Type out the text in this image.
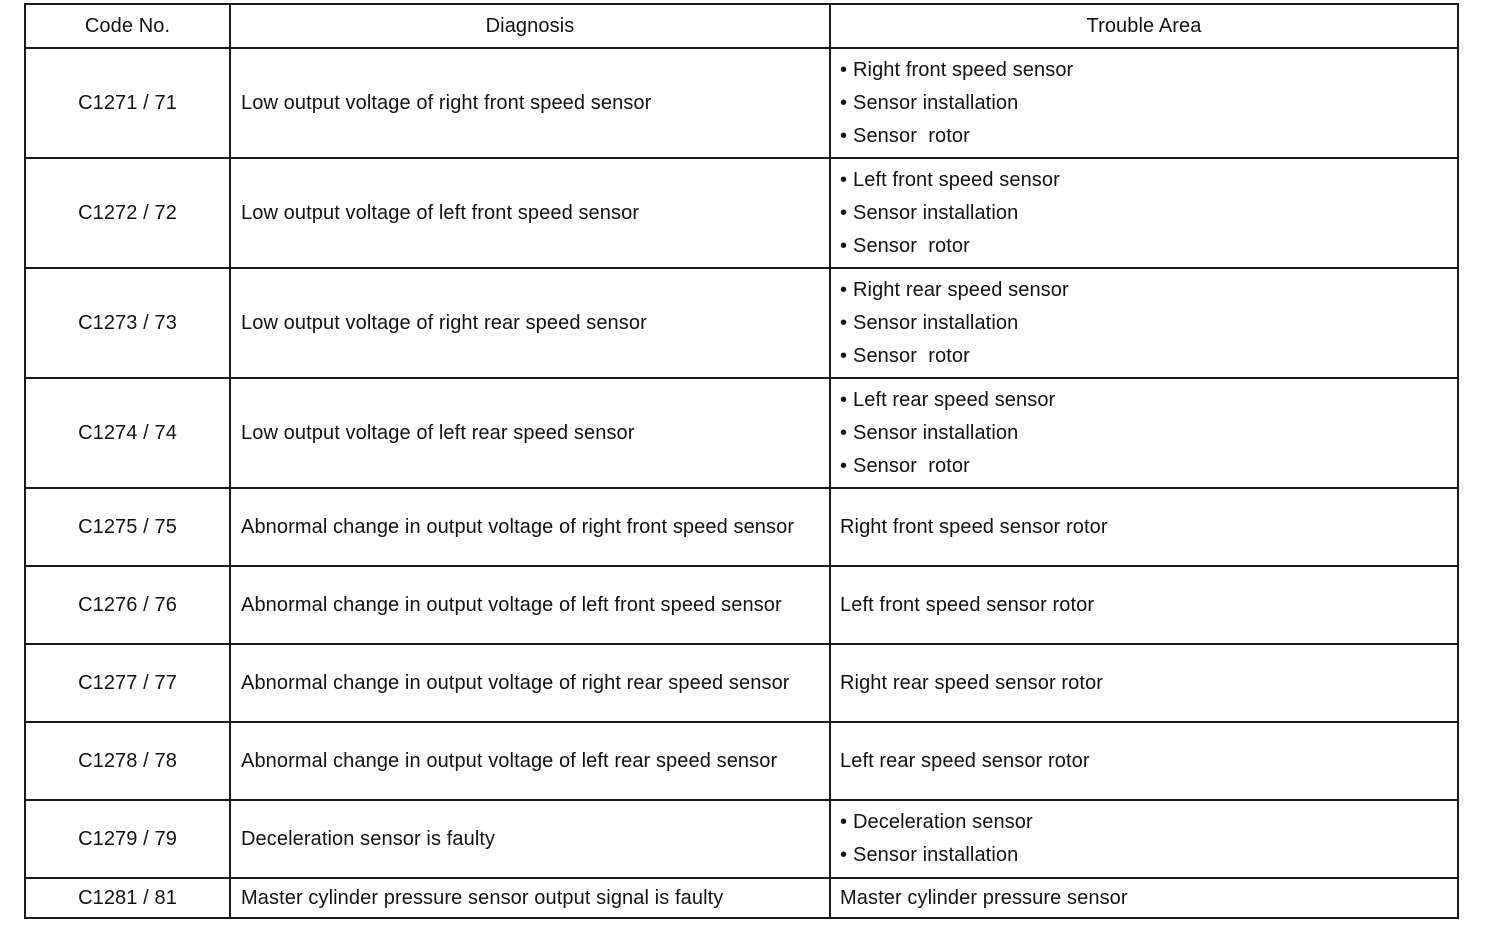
Code No.	Diagnosis	Trouble Area
C1271 / 71	Low output voltage of right front speed sensor	• Right front speed sensor
• Sensor installation
• Sensor  rotor

C1272 / 72	Low output voltage of left front speed sensor	• Left front speed sensor
• Sensor installation
• Sensor  rotor

C1273 / 73	Low output voltage of right rear speed sensor	• Right rear speed sensor
• Sensor installation
• Sensor  rotor

C1274 / 74	Low output voltage of left rear speed sensor	• Left rear speed sensor
• Sensor installation
• Sensor  rotor

C1275 / 75	Abnormal change in output voltage of right front speed sensor	Right front speed sensor rotor

C1276 / 76	Abnormal change in output voltage of left front speed sensor	Left front speed sensor rotor

C1277 / 77	Abnormal change in output voltage of right rear speed sensor	Right rear speed sensor rotor

C1278 / 78	Abnormal change in output voltage of left rear speed sensor	Left rear speed sensor rotor

C1279 / 79	Deceleration sensor is faulty	• Deceleration sensor
• Sensor installation

C1281 / 81	Master cylinder pressure sensor output signal is faulty	Master cylinder pressure sensor
